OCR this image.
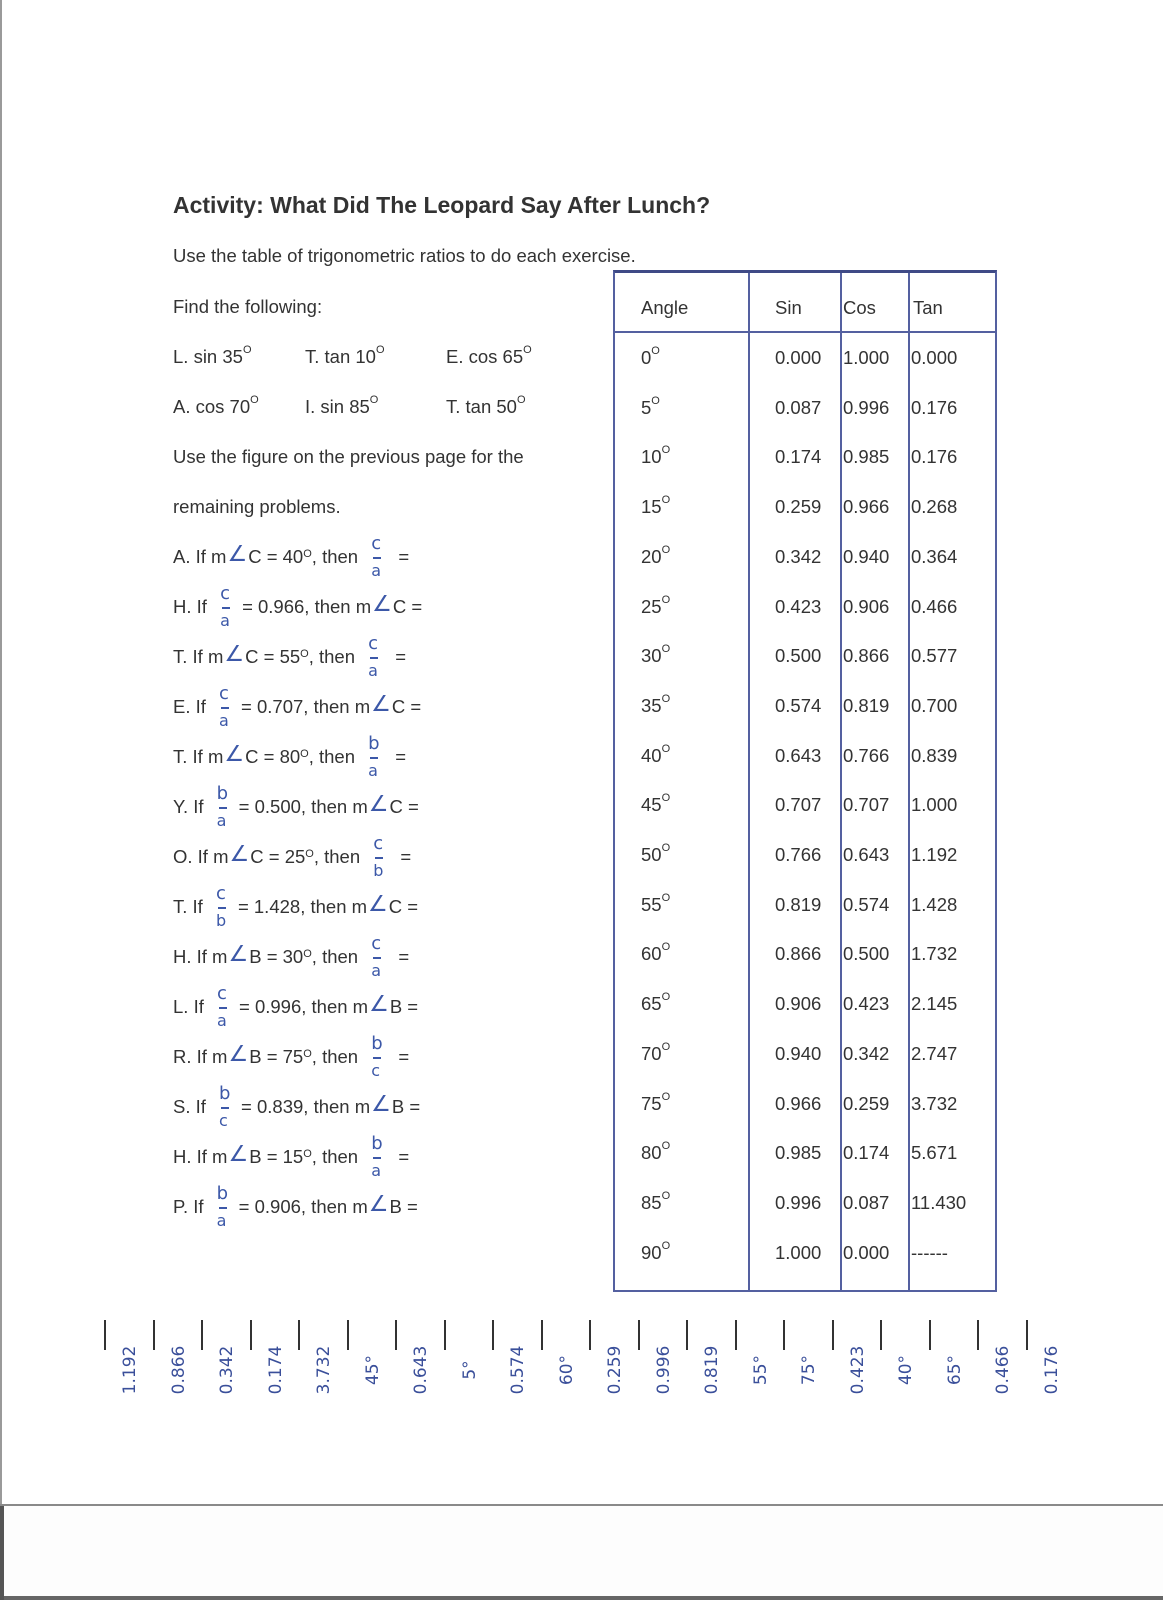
Activity: What Did The Leopard Say After Lunch?
Use the table of trigonometric ratios to do each exercise.
Find the following:
L. $\sin 35^O$	T. $\tan 10^O$	E. $\cos 65^O$
A. $\cos 70^O$	I. $\sin 85^O$	T. $\tan 50^O$
Use the figure on the previous page for the
remaining problems.
A. If m∠C = $40^O$, then $\frac{c}{a}$ =
H. If $\frac{c}{a} = 0.966$, then m∠C =
T. If m∠C = $55^O$, then $\frac{c}{a}$ =
E. If $\frac{c}{a} = 0.707$, then m∠C =
T. If m∠C = $80^O$, then $\frac{b}{a}$ =
Y. If $\frac{b}{a} = 0.500$, then m∠C =
O. If m∠C = $25^O$, then $\frac{c}{b}$ =
T. If $\frac{c}{b} = 1.428$, then m∠C =
H. If m∠B = $30^O$, then $\frac{c}{a}$ =
L. If $\frac{c}{a} = 0.996$, then m∠B =
R. If m∠B = $75^O$, then $\frac{b}{c}$ =
S. If $\frac{b}{c} = 0.839$, then m∠B =
H. If m∠B = $15^O$, then $\frac{b}{a}$ =
P. If $\frac{b}{a} = 0.906$, then m∠B =
Angle	Sin Cos Tan
$0^O$	0.000 1.000 0.000
$5^O$	0.087 0.996 0.176
$10^O$	0.174 0.985 0.176
$15^O$	0.259 0.966 0.268
$20^O$	0.342 0.940 0.364
$25^O$	0.423 0.906 0.466
$30^O$	0.500 0.866 0.577
$35^O$	0.574 0.819 0.700
$40^O$	0.643 0.766 0.839
$45^O$	0.707 0.707 1.000
$50^O$	0.766 0.643 1.192
$55^O$	0.819 0.574 1.428
$60^O$	0.866 0.500 1.732
$65^O$	0.906 0.423 2.145
$70^O$	0.940 0.342 2.747
$75^O$	0.966 0.259 3.732
$80^O$	0.985 0.174 5.671
$85^O$	0.996 0.087 11.430
$90^O$	1.000 0.000 ------
1.192 0.866 0.342 0.174 3.732 45° 0.643 5° 0.574 60° 0.259 0.996 0.819 55° 75° 0.423 40° 65° 0.466 0.176
